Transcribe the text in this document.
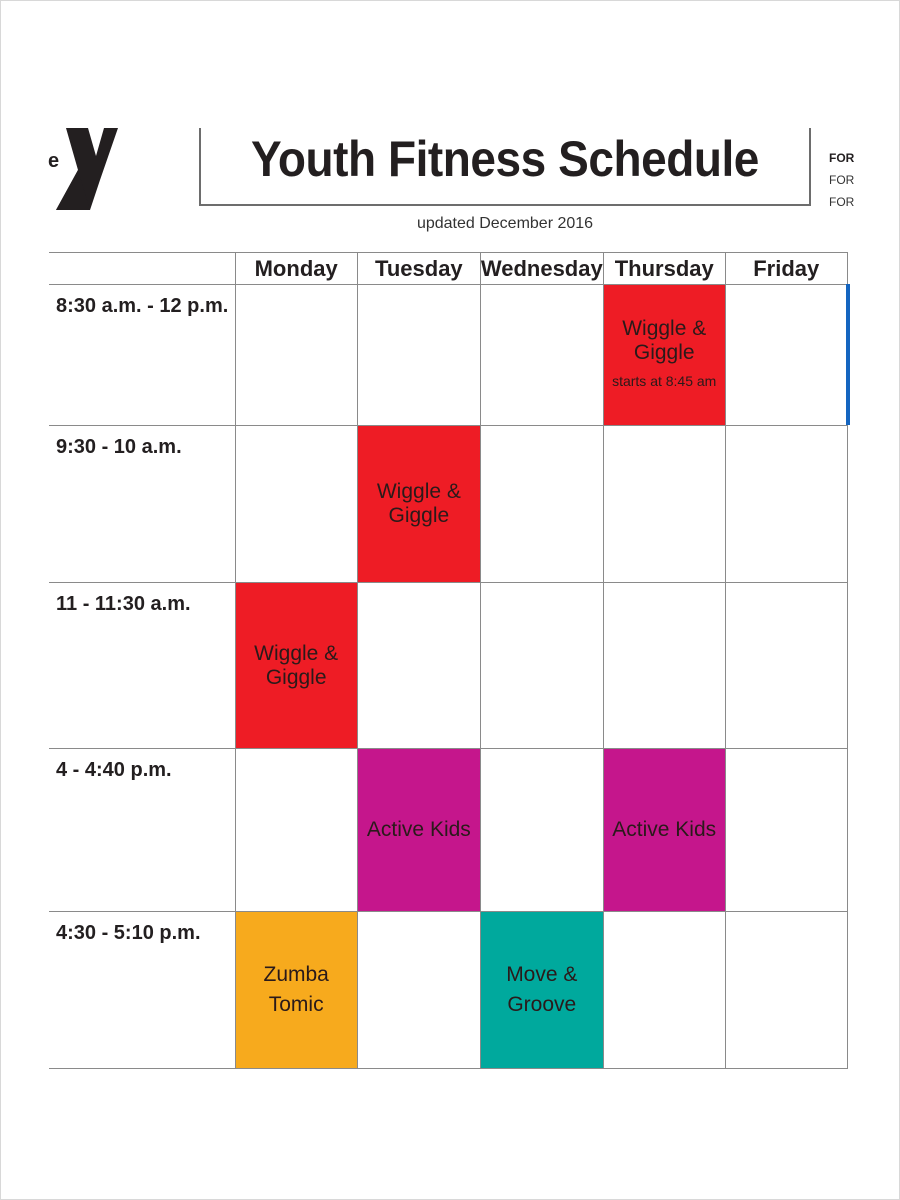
e	Youth Fitness Schedule
updated December 2016
FOR
FOR
FOR
	Monday	Tuesday	Wednesday	Thursday	Friday
8:30 a.m. - 12 p.m.				Wiggle & Giggle
starts at 8:45 am	

9:30 - 10 a.m.		Wiggle & Giggle			

11 - 11:30 a.m.	Wiggle & Giggle				

4 - 4:40 p.m.		Active Kids		Active Kids	
4:30 - 5:10 p.m.	Zumba Tomic		Move & Groove		
